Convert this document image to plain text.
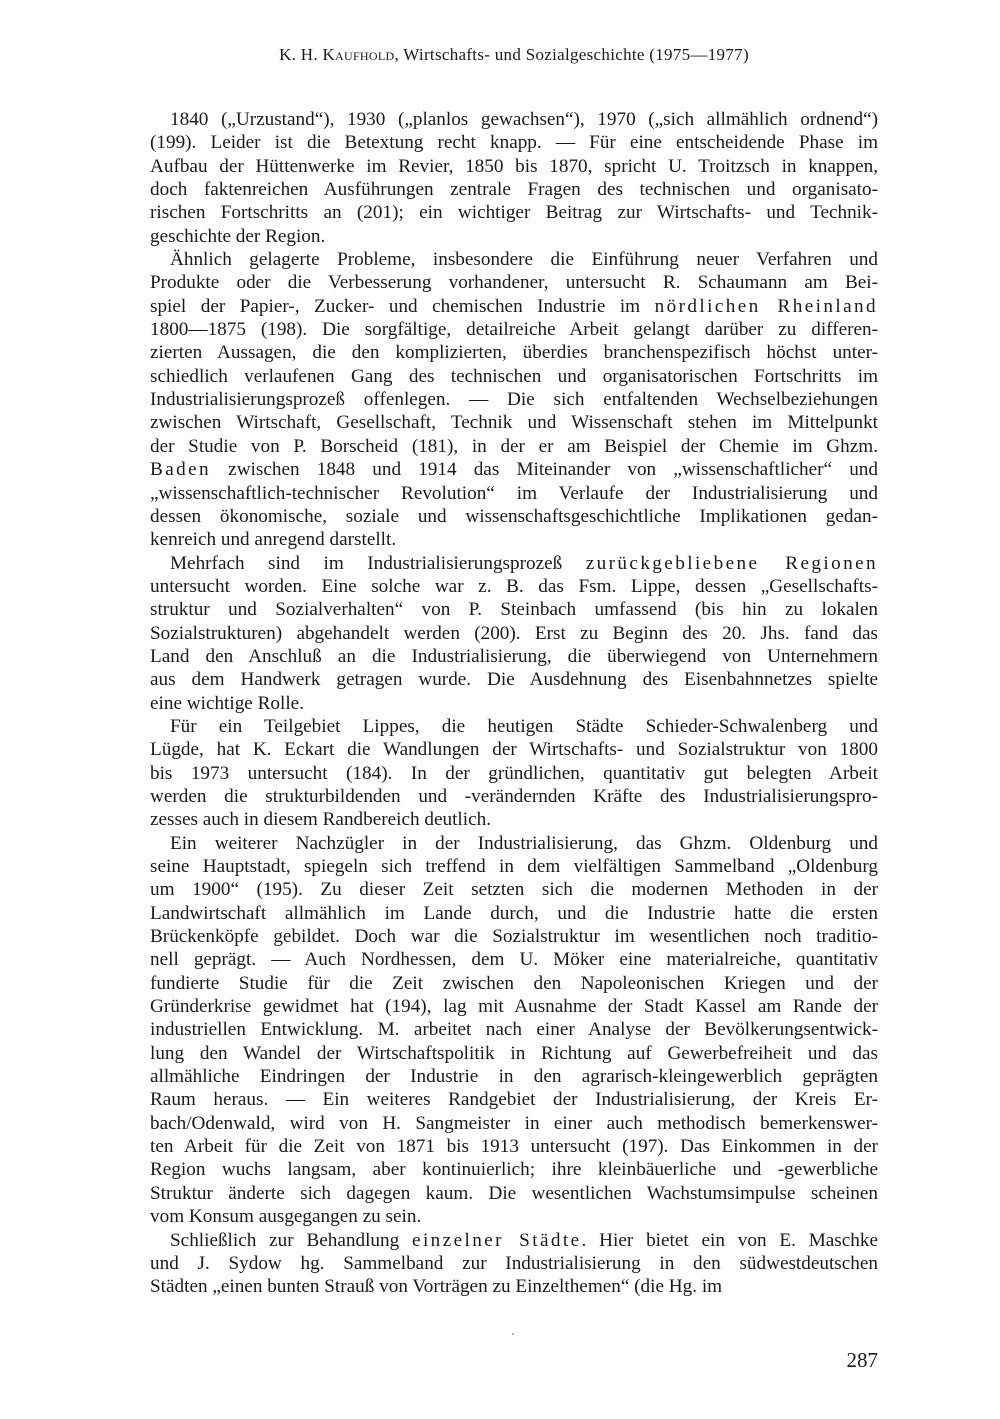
K. H. Kaufhold, Wirtschafts- und Sozialgeschichte (1975—1977)
1840 („Urzustand“), 1930 („planlos gewachsen“), 1970 („sich allmählich ordnend“)
(199). Leider ist die Betextung recht knapp. — Für eine entscheidende Phase im
Aufbau der Hüttenwerke im Revier, 1850 bis 1870, spricht U. Troitzsch in knappen,
doch faktenreichen Ausführungen zentrale Fragen des technischen und organisato-
rischen Fortschritts an (201); ein wichtiger Beitrag zur Wirtschafts- und Technik-
geschichte der Region.
Ähnlich gelagerte Probleme, insbesondere die Einführung neuer Verfahren und
Produkte oder die Verbesserung vorhandener, untersucht R. Schaumann am Bei-
spiel der Papier-, Zucker- und chemischen Industrie im nördlichen Rheinland
1800—1875 (198). Die sorgfältige, detailreiche Arbeit gelangt darüber zu differen-
zierten Aussagen, die den komplizierten, überdies branchenspezifisch höchst unter-
schiedlich verlaufenen Gang des technischen und organisatorischen Fortschritts im
Industrialisierungsprozeß offenlegen. — Die sich entfaltenden Wechselbeziehungen
zwischen Wirtschaft, Gesellschaft, Technik und Wissenschaft stehen im Mittelpunkt
der Studie von P. Borscheid (181), in der er am Beispiel der Chemie im Ghzm.
Baden zwischen 1848 und 1914 das Miteinander von „wissenschaftlicher“ und
„wissenschaftlich-technischer Revolution“ im Verlaufe der Industrialisierung und
dessen ökonomische, soziale und wissenschaftsgeschichtliche Implikationen gedan-
kenreich und anregend darstellt.
Mehrfach sind im Industrialisierungsprozeß zurückgebliebene Regionen
untersucht worden. Eine solche war z. B. das Fsm. Lippe, dessen „Gesellschafts-
struktur und Sozialverhalten“ von P. Steinbach umfassend (bis hin zu lokalen
Sozialstrukturen) abgehandelt werden (200). Erst zu Beginn des 20. Jhs. fand das
Land den Anschluß an die Industrialisierung, die überwiegend von Unternehmern
aus dem Handwerk getragen wurde. Die Ausdehnung des Eisenbahnnetzes spielte
eine wichtige Rolle.
Für ein Teilgebiet Lippes, die heutigen Städte Schieder-Schwalenberg und
Lügde, hat K. Eckart die Wandlungen der Wirtschafts- und Sozialstruktur von 1800
bis 1973 untersucht (184). In der gründlichen, quantitativ gut belegten Arbeit
werden die strukturbildenden und -verändernden Kräfte des Industrialisierungspro-
zesses auch in diesem Randbereich deutlich.
Ein weiterer Nachzügler in der Industrialisierung, das Ghzm. Oldenburg und
seine Hauptstadt, spiegeln sich treffend in dem vielfältigen Sammelband „Oldenburg
um 1900“ (195). Zu dieser Zeit setzten sich die modernen Methoden in der
Landwirtschaft allmählich im Lande durch, und die Industrie hatte die ersten
Brückenköpfe gebildet. Doch war die Sozialstruktur im wesentlichen noch traditio-
nell geprägt. — Auch Nordhessen, dem U. Möker eine materialreiche, quantitativ
fundierte Studie für die Zeit zwischen den Napoleonischen Kriegen und der
Gründerkrise gewidmet hat (194), lag mit Ausnahme der Stadt Kassel am Rande der
industriellen Entwicklung. M. arbeitet nach einer Analyse der Bevölkerungsentwick-
lung den Wandel der Wirtschaftspolitik in Richtung auf Gewerbefreiheit und das
allmähliche Eindringen der Industrie in den agrarisch-kleingewerblich geprägten
Raum heraus. — Ein weiteres Randgebiet der Industrialisierung, der Kreis Er-
bach/Odenwald, wird von H. Sangmeister in einer auch methodisch bemerkenswer-
ten Arbeit für die Zeit von 1871 bis 1913 untersucht (197). Das Einkommen in der
Region wuchs langsam, aber kontinuierlich; ihre kleinbäuerliche und -gewerbliche
Struktur änderte sich dagegen kaum. Die wesentlichen Wachstumsimpulse scheinen
vom Konsum ausgegangen zu sein.
Schließlich zur Behandlung einzelner Städte. Hier bietet ein von E. Maschke
und J. Sydow hg. Sammelband zur Industrialisierung in den südwestdeutschen
Städten „einen bunten Strauß von Vorträgen zu Einzelthemen“ (die Hg. im
287
